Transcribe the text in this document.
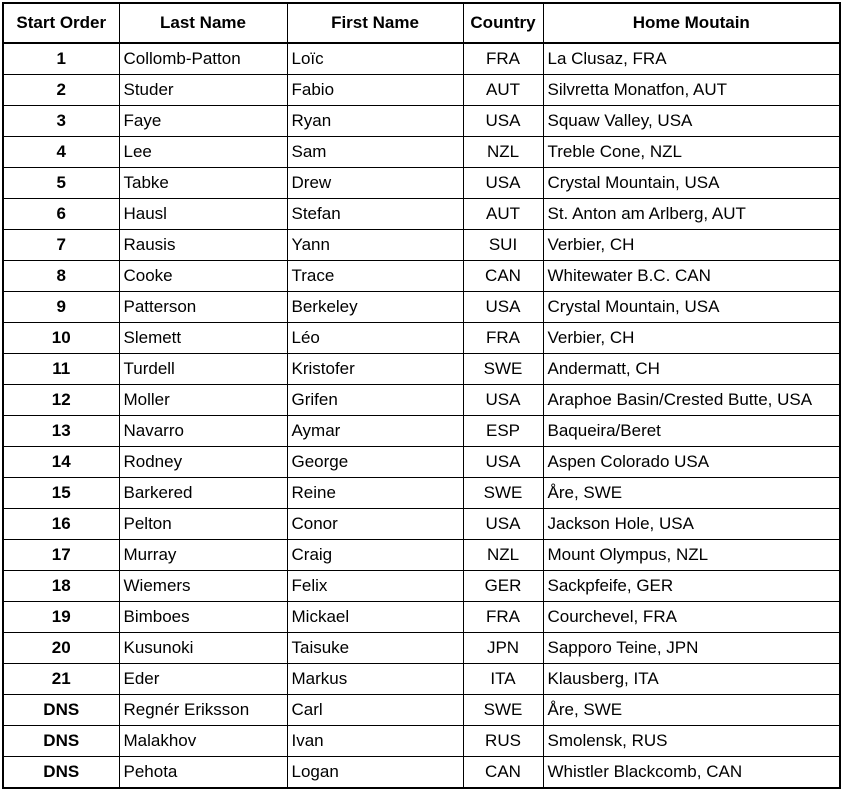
Start Order	Last Name	First Name	Country	Home Moutain
1	Collomb-Patton	Loïc	FRA	La Clusaz, FRA
2	Studer	Fabio	AUT	Silvretta Monatfon, AUT
3	Faye	Ryan	USA	Squaw Valley, USA
4	Lee	Sam	NZL	Treble Cone, NZL
5	Tabke	Drew	USA	Crystal Mountain, USA
6	Hausl	Stefan	AUT	St. Anton am Arlberg, AUT
7	Rausis	Yann	SUI	Verbier, CH
8	Cooke	Trace	CAN	Whitewater B.C. CAN
9	Patterson	Berkeley	USA	Crystal Mountain, USA
10	Slemett	Léo	FRA	Verbier, CH
11	Turdell	Kristofer	SWE	Andermatt, CH
12	Moller	Grifen	USA	Araphoe Basin/Crested Butte, USA
13	Navarro	Aymar	ESP	Baqueira/Beret
14	Rodney	George	USA	Aspen Colorado USA
15	Barkered	Reine	SWE	Åre, SWE
16	Pelton	Conor	USA	Jackson Hole, USA
17	Murray	Craig	NZL	Mount Olympus, NZL
18	Wiemers	Felix	GER	Sackpfeife, GER
19	Bimboes	Mickael	FRA	Courchevel, FRA
20	Kusunoki	Taisuke	JPN	Sapporo Teine, JPN
21	Eder	Markus	ITA	Klausberg, ITA
DNS	Regnér Eriksson	Carl	SWE	Åre, SWE
DNS	Malakhov	Ivan	RUS	Smolensk, RUS
DNS	Pehota	Logan	CAN	Whistler Blackcomb, CAN
